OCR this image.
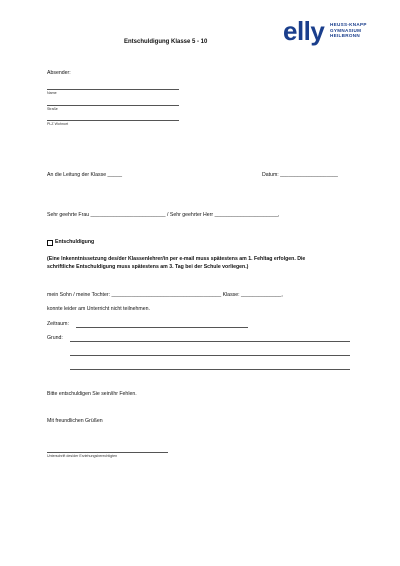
elly HEUSS-KNAPP
GYMNASIUM
HEILBRONN
Entschuldigung Klasse 5 - 10
Absender:
Name
Straße
PLZ Wohnort
An die Leitung der Klasse _____	Datum: ____________________
Sehr geehrte Frau __________________________ / Sehr geehrter Herr ______________________,
Entschuldigung
(Eine Inkenntnissetzung des/der Klassenlehrer/in per e-mail muss spätestens am 1. Fehltag erfolgen. Die
schriftliche Entschuldigung muss spätestens am 3. Tag bei der Schule vorliegen.)
mein Sohn / meine Tochter: ______________________________________ Klasse: ______________,
konnte leider am Unterricht nicht teilnehmen.
Zeitraum:
Grund:
Bitte entschuldigen Sie sein/ihr Fehlen.
Mit freundlichen Grüßen
Unterschrift des/der Erziehungsberechtigten
